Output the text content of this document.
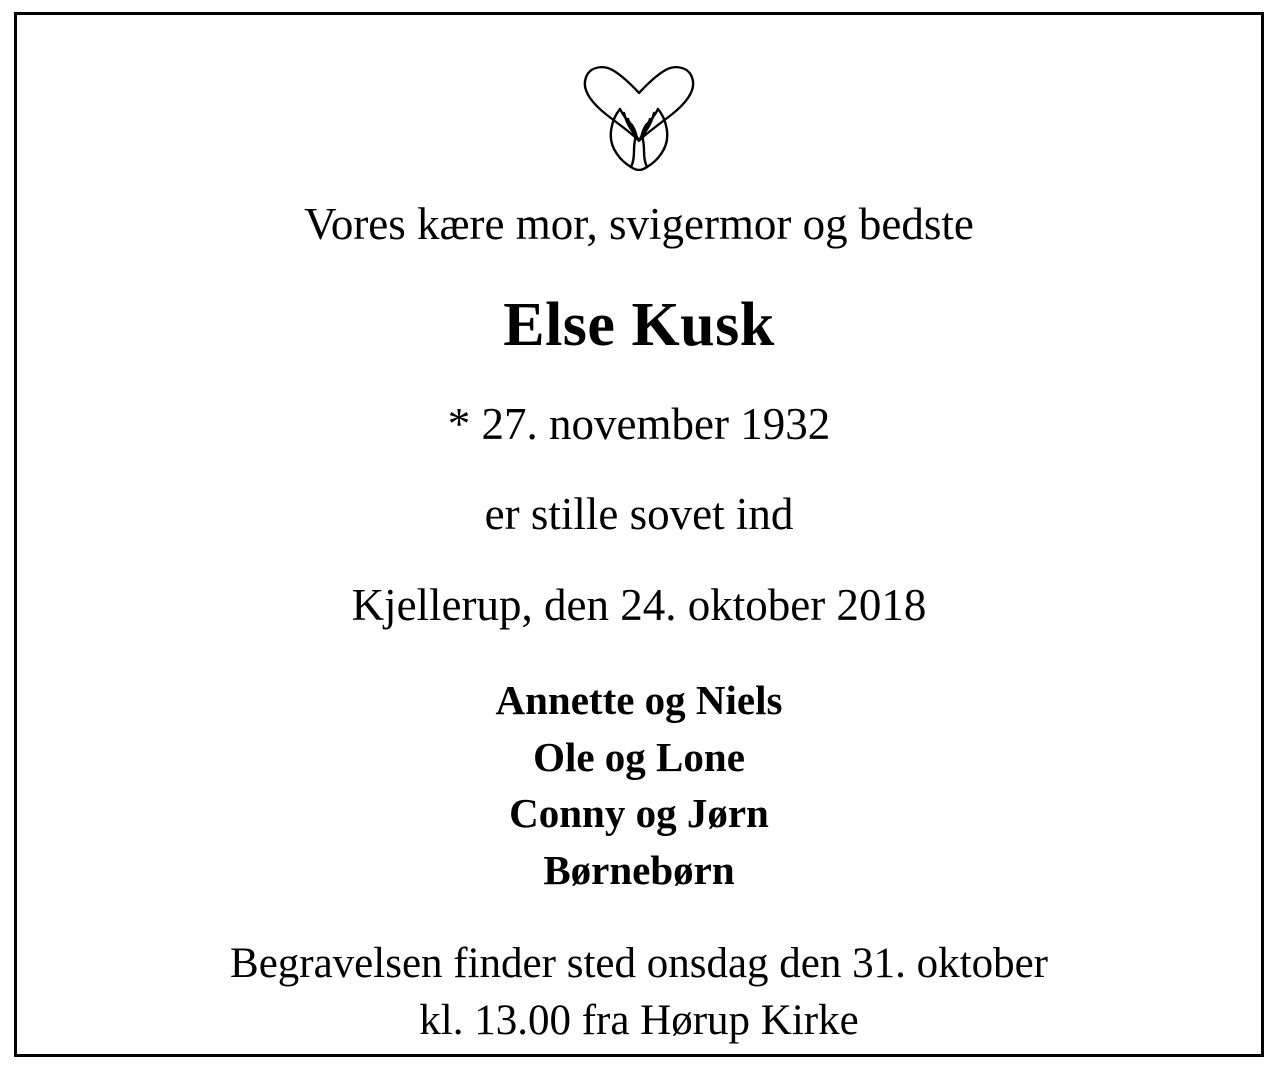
Vores kære mor, svigermor og bedste
Else Kusk
* 27. november 1932
er stille sovet ind
Kjellerup, den 24. oktober 2018
Annette og Niels
Ole og Lone
Conny og Jørn
Børnebørn
Begravelsen finder sted onsdag den 31. oktober
kl. 13.00 fra Hørup Kirke
